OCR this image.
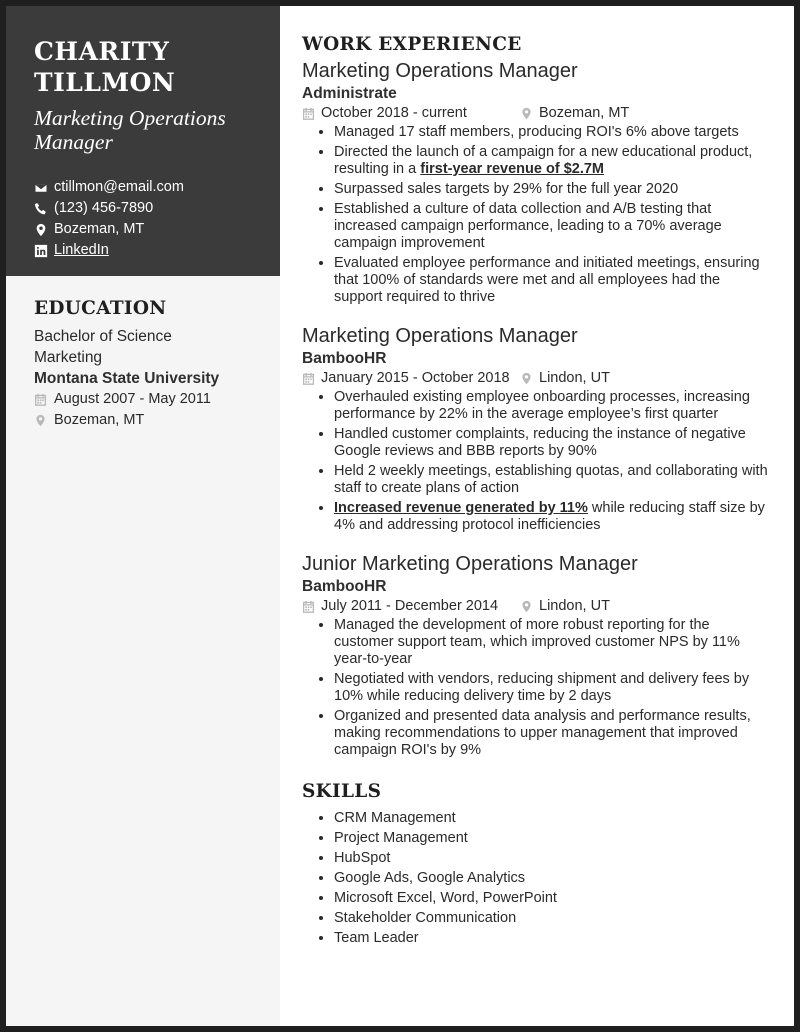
CHARITY
TILLMON
Marketing Operations Manager
ctillmon@email.com
(123) 456-7890
Bozeman, MT
LinkedIn
EDUCATION
Bachelor of Science
Marketing
Montana State University
August 2007 - May 2011
Bozeman, MT
WORK EXPERIENCE
Marketing Operations Manager
Administrate
October 2018 - current	Bozeman, MT
• Managed 17 staff members, producing ROI's 6% above targets
• Directed the launch of a campaign for a new educational product, resulting in a first-year revenue of $2.7M
• Surpassed sales targets by 29% for the full year 2020
• Established a culture of data collection and A/B testing that increased campaign performance, leading to a 70% average campaign improvement
• Evaluated employee performance and initiated meetings, ensuring that 100% of standards were met and all employees had the support required to thrive
Marketing Operations Manager
BambooHR
January 2015 - October 2018 Lindon, UT
• Overhauled existing employee onboarding processes, increasing performance by 22% in the average employee’s first quarter
• Handled customer complaints, reducing the instance of negative Google reviews and BBB reports by 90%
• Held 2 weekly meetings, establishing quotas, and collaborating with staff to create plans of action
• Increased revenue generated by 11% while reducing staff size by 4% and addressing protocol inefficiencies
Junior Marketing Operations Manager
BambooHR
July 2011 - December 2014	Lindon, UT
• Managed the development of more robust reporting for the customer support team, which improved customer NPS by 11% year-to-year
• Negotiated with vendors, reducing shipment and delivery fees by 10% while reducing delivery time by 2 days
• Organized and presented data analysis and performance results, making recommendations to upper management that improved campaign ROI's by 9%
SKILLS
• CRM Management
• Project Management
• HubSpot
• Google Ads, Google Analytics
• Microsoft Excel, Word, PowerPoint
• Stakeholder Communication
• Team Leader
